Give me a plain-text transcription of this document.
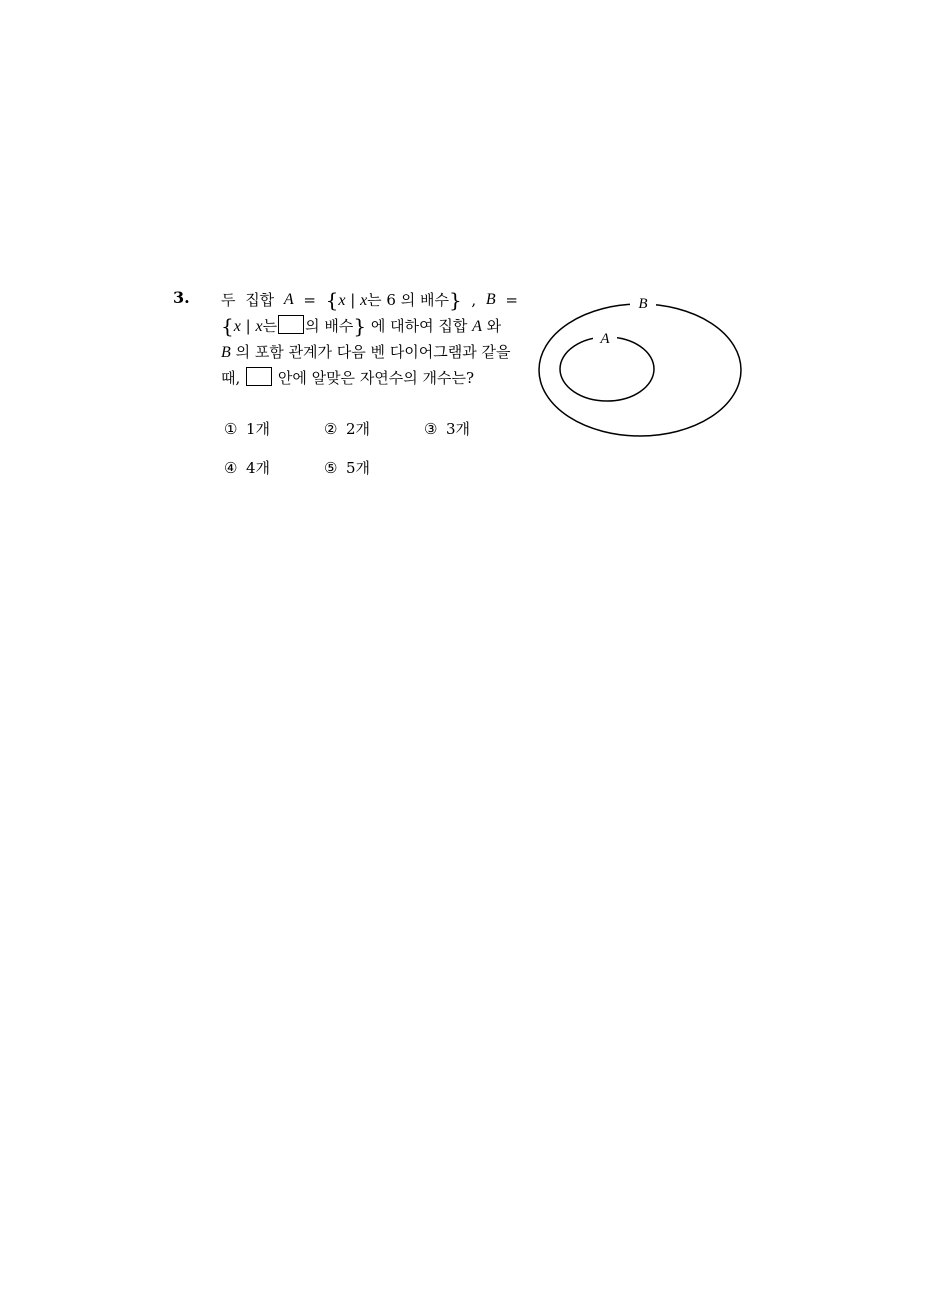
3. 두 집합 A = {x | x는 6 의 배수} , B =
{x | x는 의 배수} 에 대하여 집합 A 와
B 의 포함 관계가 다음 벤 다이어그램과 같을
때,	안에 알맞은 자연수의 개수는?
① 1개	② 2개	③ 3개
④ 4개	⑤ 5개
B
A
